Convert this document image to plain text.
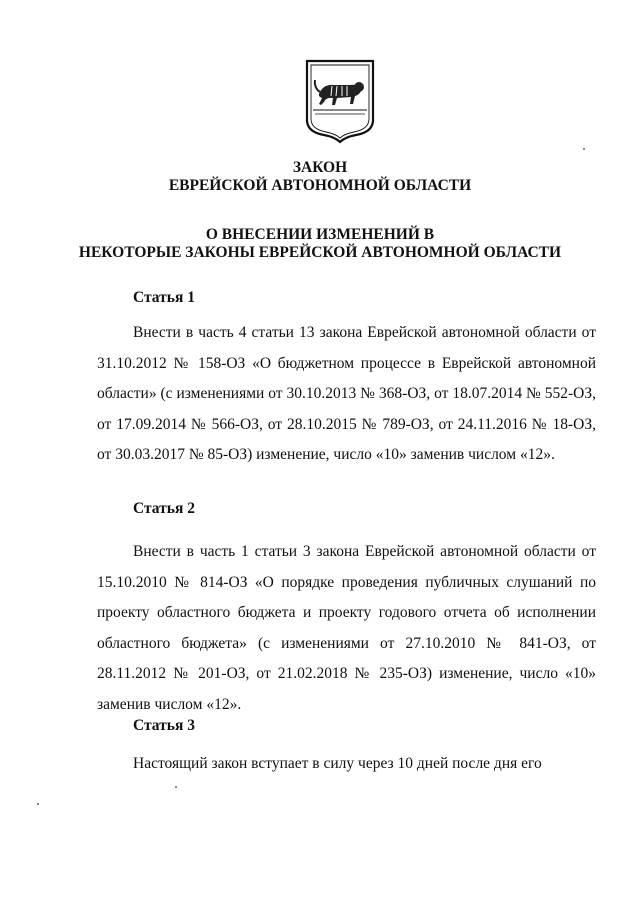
ЗАКОН
ЕВРЕЙСКОЙ АВТОНОМНОЙ ОБЛАСТИ
О ВНЕСЕНИИ ИЗМЕНЕНИЙ В
НЕКОТОРЫЕ ЗАКОНЫ ЕВРЕЙСКОЙ АВТОНОМНОЙ ОБЛАСТИ
Статья 1
Внести в часть 4 статьи 13 закона Еврейской автономной области от 31.10.2012 № 158-ОЗ «О бюджетном процессе в Еврейской автономной области» (с изменениями от 30.10.2013 № 368-ОЗ, от 18.07.2014 № 552-ОЗ, от 17.09.2014 № 566-ОЗ, от 28.10.2015 № 789-ОЗ, от 24.11.2016 № 18-ОЗ, от 30.03.2017 № 85-ОЗ) изменение, число «10» заменив числом «12».
Статья 2
Внести в часть 1 статьи 3 закона Еврейской автономной области от 15.10.2010 № 814-ОЗ «О порядке проведения публичных слушаний по проекту областного бюджета и проекту годового отчета об исполнении областного бюджета» (с изменениями от 27.10.2010 № 841-ОЗ, от 28.11.2012 № 201-ОЗ, от 21.02.2018 № 235-ОЗ) изменение, число «10» заменив числом «12».
Статья 3
Настоящий закон вступает в силу через 10 дней после дня его
